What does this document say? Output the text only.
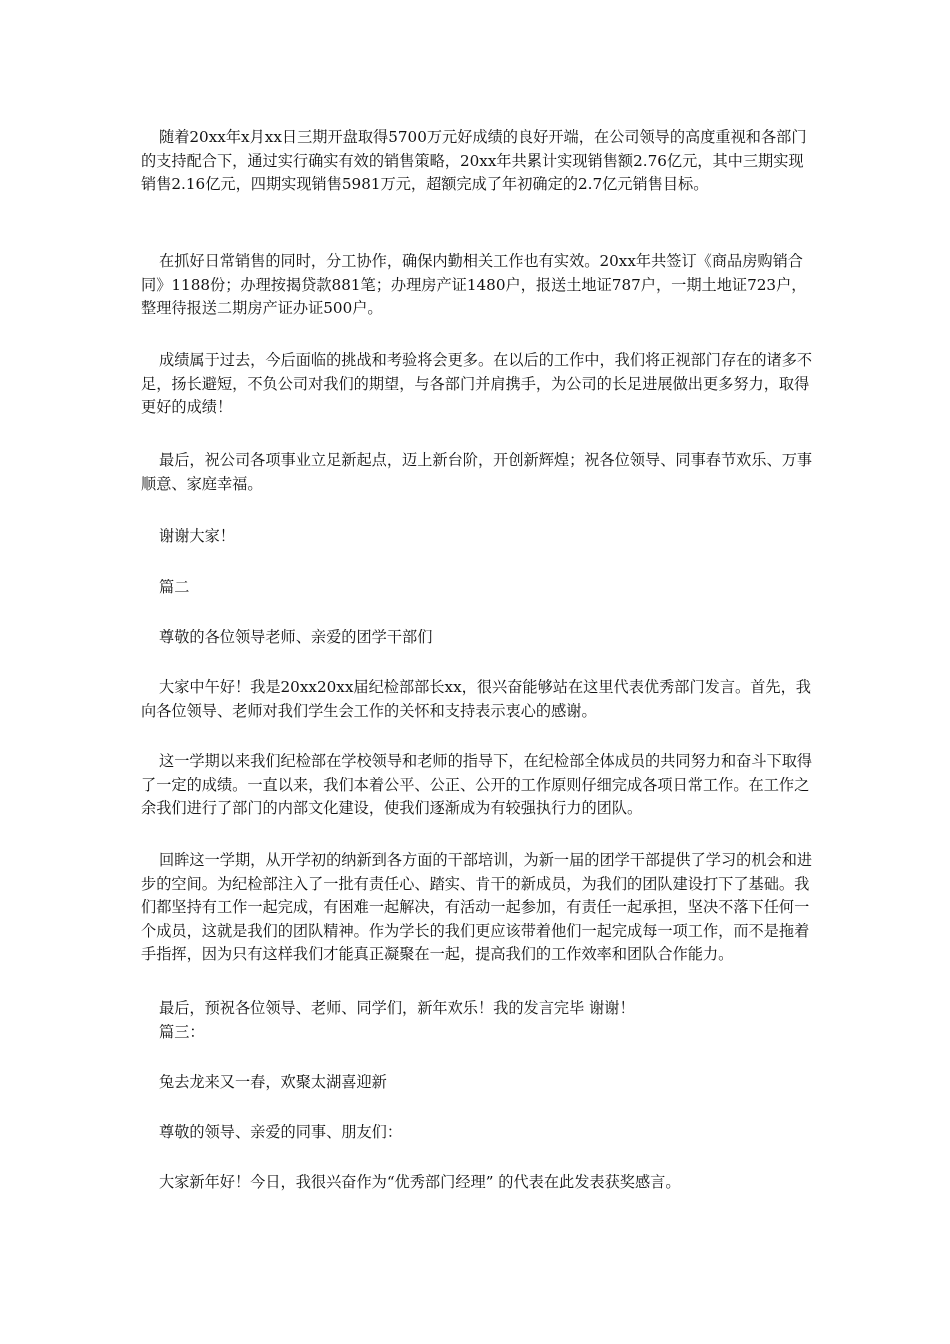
随着20xx年x月xx日三期开盘取得5700万元好成绩的良好开端，在公司领导的高度重视和各部门的支持配合下，通过实行确实有效的销售策略，20xx年共累计实现销售额2.76亿元，其中三期实现销售2.16亿元，四期实现销售5981万元，超额完成了年初确定的2.7亿元销售目标。

在抓好日常销售的同时，分工协作，确保内勤相关工作也有实效。20xx年共签订《商品房购销合同》1188份；办理按揭贷款881笔；办理房产证1480户，报送土地证787户，一期土地证723户，整理待报送二期房产证办证500户。

成绩属于过去，今后面临的挑战和考验将会更多。在以后的工作中，我们将正视部门存在的诸多不足，扬长避短，不负公司对我们的期望，与各部门并肩携手，为公司的长足进展做出更多努力，取得更好的成绩！

最后，祝公司各项事业立足新起点，迈上新台阶，开创新辉煌；祝各位领导、同事春节欢乐、万事顺意、家庭幸福。

谢谢大家！

篇二

尊敬的各位领导老师、亲爱的团学干部们

大家中午好！我是20xx20xx届纪检部部长xx，很兴奋能够站在这里代表优秀部门发言。首先，我向各位领导、老师对我们学生会工作的关怀和支持表示衷心的感谢。

这一学期以来我们纪检部在学校领导和老师的指导下，在纪检部全体成员的共同努力和奋斗下取得了一定的成绩。一直以来，我们本着公平、公正、公开的工作原则仔细完成各项日常工作。在工作之余我们进行了部门的内部文化建设，使我们逐渐成为有较强执行力的团队。

回眸这一学期，从开学初的纳新到各方面的干部培训，为新一届的团学干部提供了学习的机会和进步的空间。为纪检部注入了一批有责任心、踏实、肯干的新成员，为我们的团队建设打下了基础。我们都坚持有工作一起完成，有困难一起解决，有活动一起参加，有责任一起承担，坚决不落下任何一个成员，这就是我们的团队精神。作为学长的我们更应该带着他们一起完成每一项工作，而不是拖着手指挥，因为只有这样我们才能真正凝聚在一起，提高我们的工作效率和团队合作能力。

最后，预祝各位领导、老师、同学们，新年欢乐！我的发言完毕 谢谢！

篇三：

兔去龙来又一春，欢聚太湖喜迎新

尊敬的领导、亲爱的同事、朋友们：

大家新年好！今日，我很兴奋作为“优秀部门经理” 的代表在此发表获奖感言。
